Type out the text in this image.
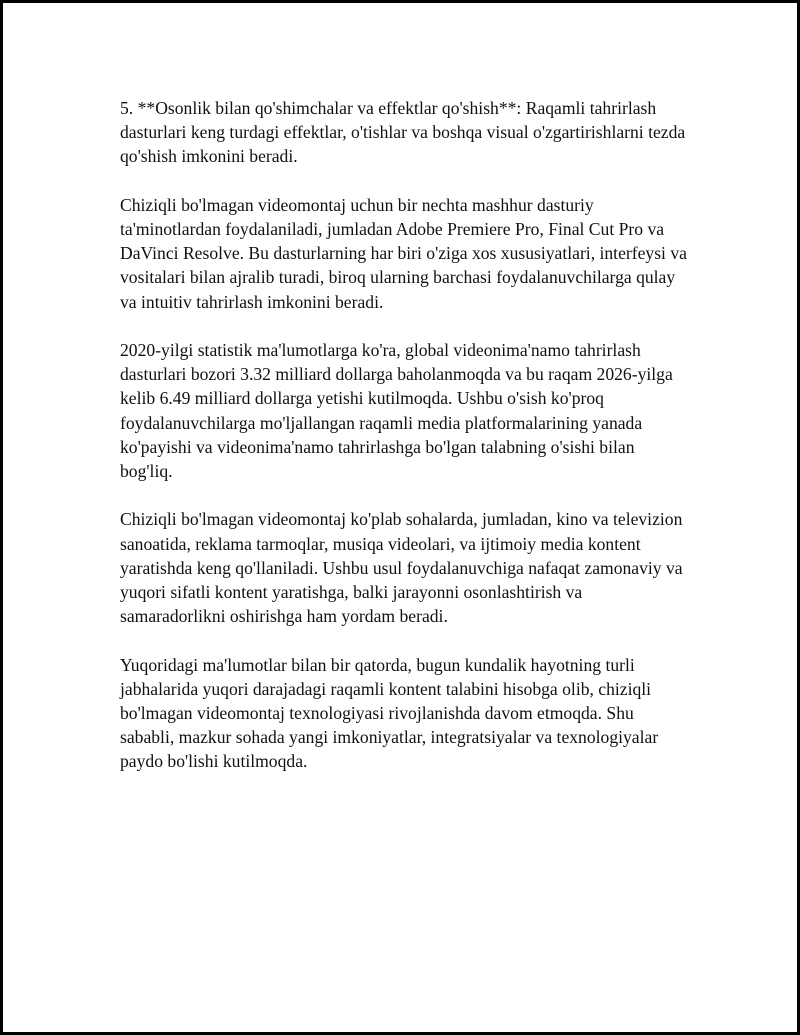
5. **Osonlik bilan qo'shimchalar va effektlar qo'shish**: Raqamli tahrirlash dasturlari keng turdagi effektlar, o'tishlar va boshqa visual o'zgartirishlarni tezda qo'shish imkonini beradi.

Chiziqli bo'lmagan videomontaj uchun bir nechta mashhur dasturiy ta'minotlardan foydalaniladi, jumladan Adobe Premiere Pro, Final Cut Pro va DaVinci Resolve. Bu dasturlarning har biri o'ziga xos xususiyatlari, interfeysi va vositalari bilan ajralib turadi, biroq ularning barchasi foydalanuvchilarga qulay va intuitiv tahrirlash imkonini beradi.

2020-yilgi statistik ma'lumotlarga ko'ra, global videonima'namo tahrirlash dasturlari bozori 3.32 milliard dollarga baholanmoqda va bu raqam 2026-yilga kelib 6.49 milliard dollarga yetishi kutilmoqda. Ushbu o'sish ko'proq foydalanuvchilarga mo'ljallangan raqamli media platformalarining yanada ko'payishi va videonima'namo tahrirlashga bo'lgan talabning o'sishi bilan bog'liq.

Chiziqli bo'lmagan videomontaj ko'plab sohalarda, jumladan, kino va televizion sanoatida, reklama tarmoqlar, musiqa videolari, va ijtimoiy media kontent yaratishda keng qo'llaniladi. Ushbu usul foydalanuvchiga nafaqat zamonaviy va yuqori sifatli kontent yaratishga, balki jarayonni osonlashtirish va samaradorlikni oshirishga ham yordam beradi.

Yuqoridagi ma'lumotlar bilan bir qatorda, bugun kundalik hayotning turli jabhalarida yuqori darajadagi raqamli kontent talabini hisobga olib, chiziqli bo'lmagan videomontaj texnologiyasi rivojlanishda davom etmoqda. Shu sababli, mazkur sohada yangi imkoniyatlar, integratsiyalar va texnologiyalar paydo bo'lishi kutilmoqda.
